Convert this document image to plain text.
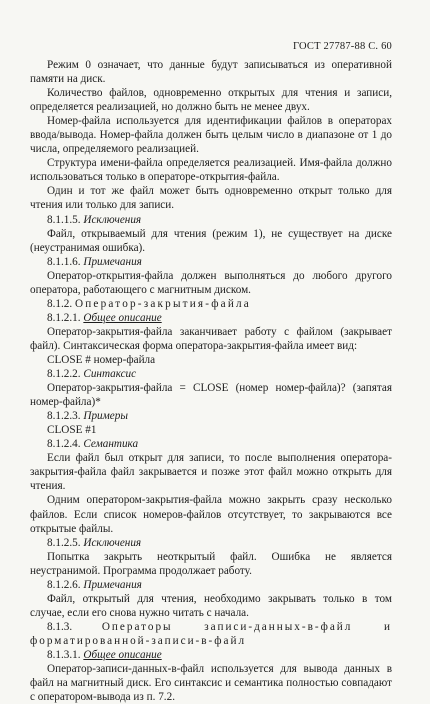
ГОСТ 27787-88 С. 60

Режим 0 означает, что данные будут записываться из оперативной памяти на диск.

Количество файлов, одновременно открытых для чтения и записи, определяется реализацией, но должно быть не менее двух.

Номер-файла используется для идентификации файлов в операторах ввода/вывода. Номер-файла должен быть целым число в диапазоне от 1 до числа, определяемого реализацией.

Структура имени-файла определяется реализацией. Имя-файла должно использоваться только в операторе-открытия-файла.

Один и тот же файл может быть одновременно открыт только для чтения или только для записи.

8.1.1.5. Исключения

Файл, открываемый для чтения (режим 1), не существует на диске (неустранимая ошибка).

8.1.1.6. Примечания

Оператор-открытия-файла должен выполняться до любого другого оператора, работающего с магнитным диском.

8.1.2. Оператор-закрытия-файла

8.1.2.1. Общее описание

Оператор-закрытия-файла заканчивает работу с файлом (закрывает файл). Синтаксическая форма оператора-закрытия-файла имеет вид:

CLOSE # номер-файла

8.1.2.2. Синтаксис

Оператор-закрытия-файла = CLOSE (номер номер-файла)? (запятая номер-файла)*

8.1.2.3. Примеры

CLOSE #1

8.1.2.4. Семантика

Если файл был открыт для записи, то после выполнения оператора-закрытия-файла файл закрывается и позже этот файл можно открыть для чтения.

Одним оператором-закрытия-файла можно закрыть сразу несколько файлов. Если список номеров-файлов отсутствует, то закрываются все открытые файлы.

8.1.2.5. Исключения

Попытка закрыть неоткрытый файл. Ошибка не является неустранимой. Программа продолжает работу.

8.1.2.6. Примечания

Файл, открытый для чтения, необходимо закрывать только в том случае, если его снова нужно читать с начала.

8.1.3.	Операторы записи-данных-в-файл и форматированной-записи-в-файл

8.1.3.1. Общее описание

Оператор-записи-данных-в-файл используется для вывода данных в файл на магнитный диск. Его синтаксис и семантика полностью совпадают с оператором-вывода из п. 7.2.
